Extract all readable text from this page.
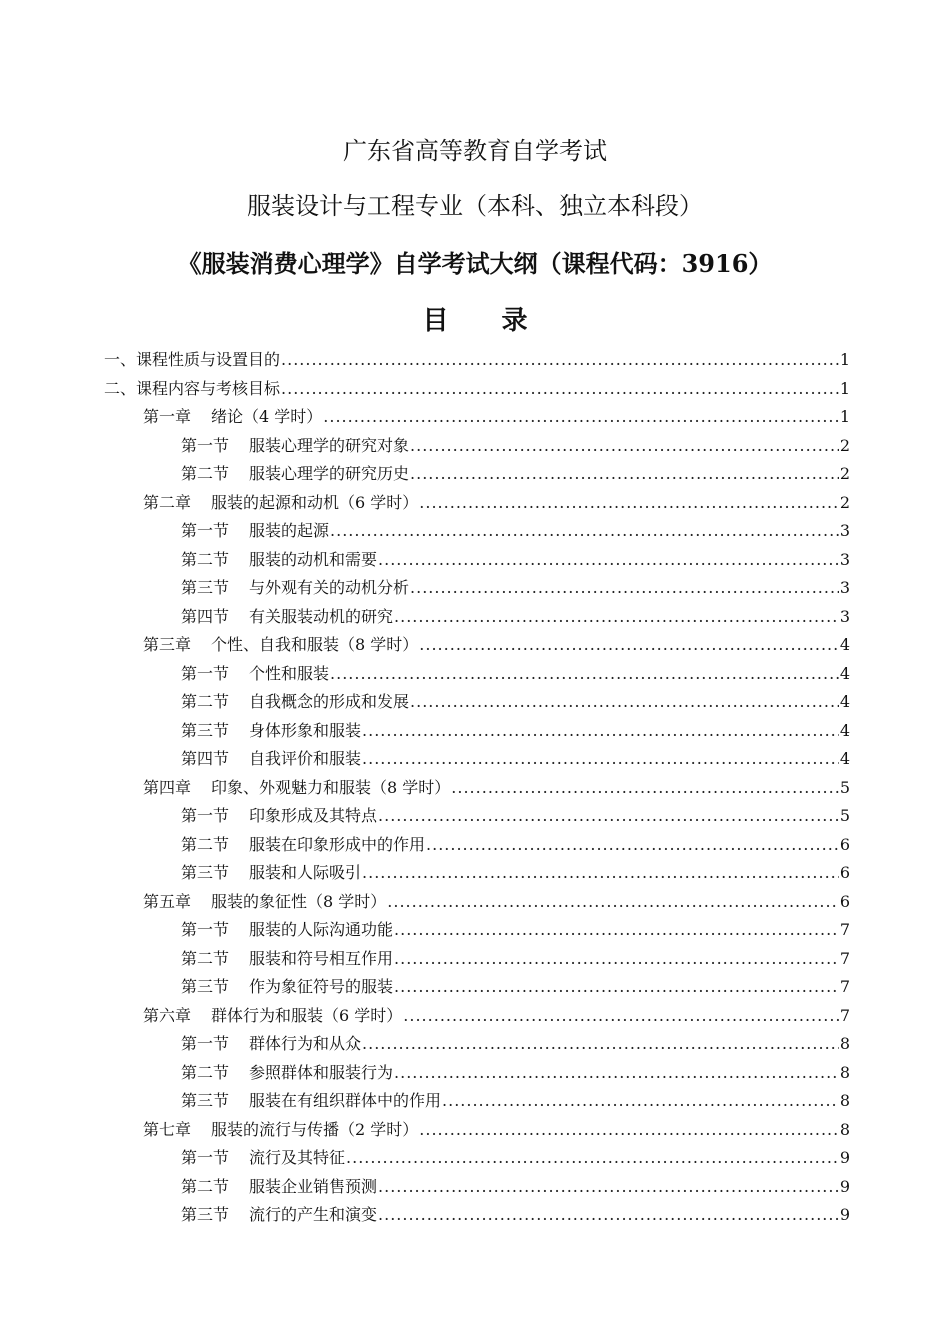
广东省高等教育自学考试
服装设计与工程专业（本科、独立本科段）
《服装消费心理学》自学考试大纲（课程代码：3916）
目 录
一、课程性质与设置目的 .....	1
二、课程内容与考核目标 .....	1
第一章 绪论（4 学时） .....	1
第一节 服装心理学的研究对象 .....	2
第二节 服装心理学的研究历史 .....	2
第二章 服装的起源和动机（6 学时） .....	2
第一节 服装的起源 .....	3
第二节 服装的动机和需要 .....	3
第三节 与外观有关的动机分析 .....	3
第四节 有关服装动机的研究 .....	3
第三章 个性、自我和服装（8 学时） .....	4
第一节 个性和服装 .....	4
第二节 自我概念的形成和发展 .....	4
第三节 身体形象和服装 .....	4
第四节 自我评价和服装 .....	4
第四章 印象、外观魅力和服装（8 学时） .....	5
第一节 印象形成及其特点 .....	5
第二节 服装在印象形成中的作用 .....	6
第三节 服装和人际吸引 .....	6
第五章 服装的象征性（8 学时） .....	6
第一节 服装的人际沟通功能 .....	7
第二节 服装和符号相互作用 .....	7
第三节 作为象征符号的服装 .....	7
第六章 群体行为和服装（6 学时） .....	7
第一节 群体行为和从众 .....	8
第二节 参照群体和服装行为 .....	8
第三节 服装在有组织群体中的作用 .....	8
第七章 服装的流行与传播（2 学时） .....	8
第一节 流行及其特征 .....	9
第二节 服装企业销售预测 .....	9
第三节 流行的产生和演变 .....	9
